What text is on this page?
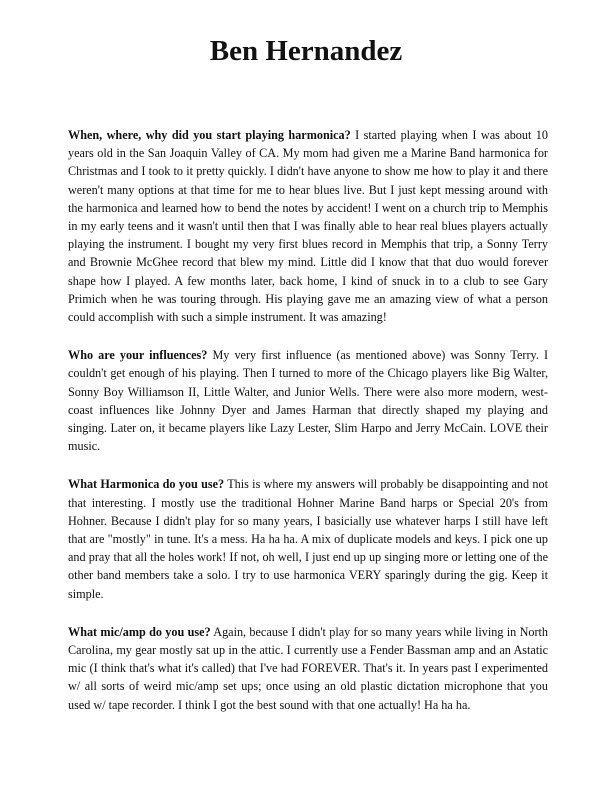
Ben Hernandez

When, where, why did you start playing harmonica? I started playing when I was about 10 years old in the San Joaquin Valley of CA. My mom had given me a Marine Band harmonica for Christmas and I took to it pretty quickly. I didn't have anyone to show me how to play it and there weren't many options at that time for me to hear blues live. But I just kept messing around with the harmonica and learned how to bend the notes by accident! I went on a church trip to Memphis in my early teens and it wasn't until then that I was finally able to hear real blues players actually playing the instrument. I bought my very first blues record in Memphis that trip, a Sonny Terry and Brownie McGhee record that blew my mind. Little did I know that that duo would forever shape how I played. A few months later, back home, I kind of snuck in to a club to see Gary Primich when he was touring through. His playing gave me an amazing view of what a person could accomplish with such a simple instrument. It was amazing!

Who are your influences? My very first influence (as mentioned above) was Sonny Terry. I couldn't get enough of his playing. Then I turned to more of the Chicago players like Big Walter, Sonny Boy Williamson II, Little Walter, and Junior Wells. There were also more modern, west-coast influences like Johnny Dyer and James Harman that directly shaped my playing and singing. Later on, it became players like Lazy Lester, Slim Harpo and Jerry McCain. LOVE their music.

What Harmonica do you use? This is where my answers will probably be disappointing and not that interesting. I mostly use the traditional Hohner Marine Band harps or Special 20's from Hohner. Because I didn't play for so many years, I basicially use whatever harps I still have left that are "mostly" in tune. It's a mess. Ha ha ha. A mix of duplicate models and keys. I pick one up and pray that all the holes work! If not, oh well, I just end up up singing more or letting one of the other band members take a solo. I try to use harmonica VERY sparingly during the gig. Keep it simple.

What mic/amp do you use? Again, because I didn't play for so many years while living in North Carolina, my gear mostly sat up in the attic. I currently use a Fender Bassman amp and an Astatic mic (I think that's what it's called) that I've had FOREVER. That's it. In years past I experimented w/ all sorts of weird mic/amp set ups; once using an old plastic dictation microphone that you used w/ tape recorder. I think I got the best sound with that one actually! Ha ha ha.
